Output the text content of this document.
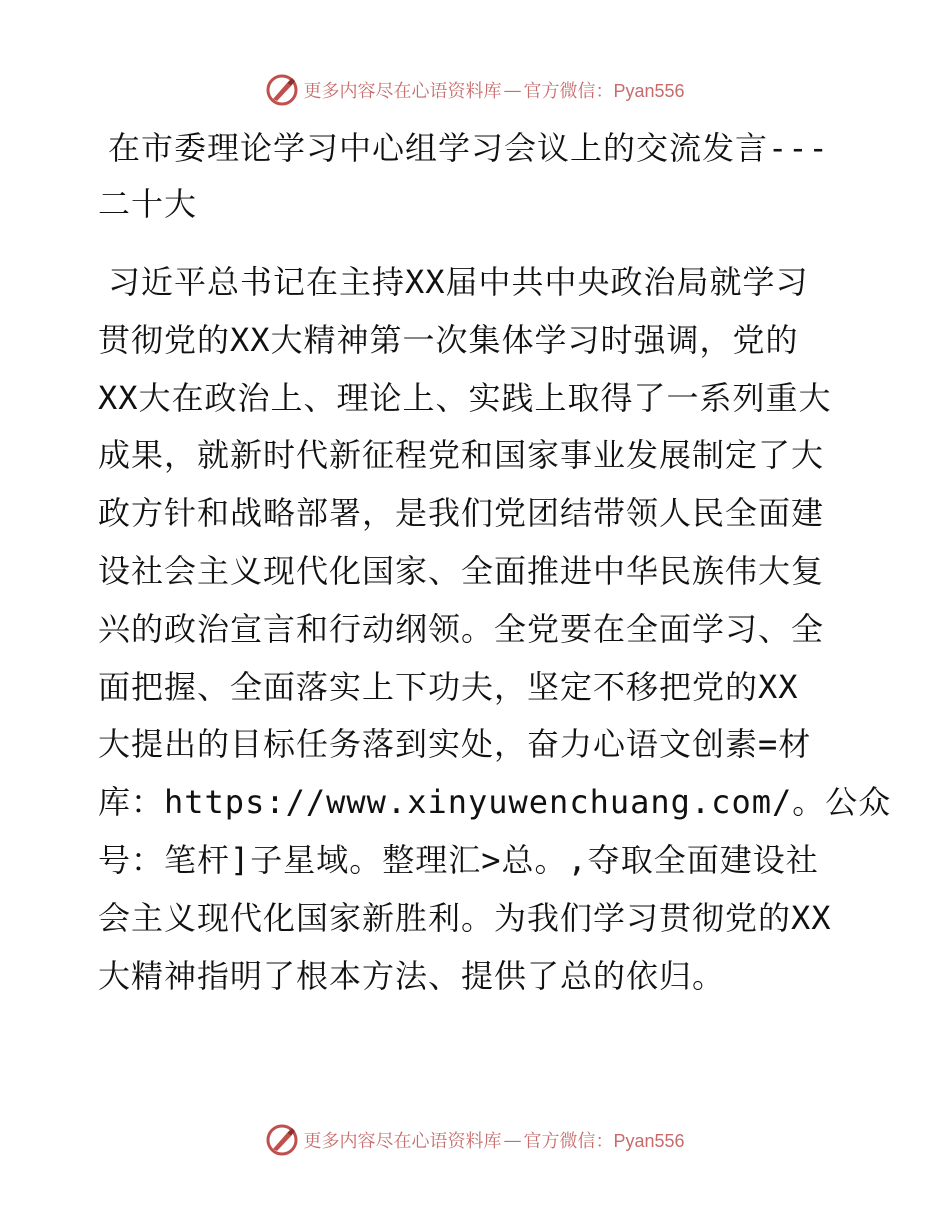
更多内容尽在心语资料库 — 官方微信：Pyan556
在市委理论学习中心组学习会议上的交流发言---
二十大
习近平总书记在主持XX届中共中央政治局就学习
贯彻党的XX大精神第一次集体学习时强调，党的
XX大在政治上、理论上、实践上取得了一系列重大
成果，就新时代新征程党和国家事业发展制定了大
政方针和战略部署，是我们党团结带领人民全面建
设社会主义现代化国家、全面推进中华民族伟大复
兴的政治宣言和行动纲领。全党要在全面学习、全
面把握、全面落实上下功夫，坚定不移把党的XX
大提出的目标任务落到实处，奋力心语文创素=材
库：https://www.xinyuwenchuang.com/。公众
号：笔杆]子星域。整理汇>总。,夺取全面建设社
会主义现代化国家新胜利。为我们学习贯彻党的XX
大精神指明了根本方法、提供了总的依归。
更多内容尽在心语资料库 — 官方微信：Pyan556
